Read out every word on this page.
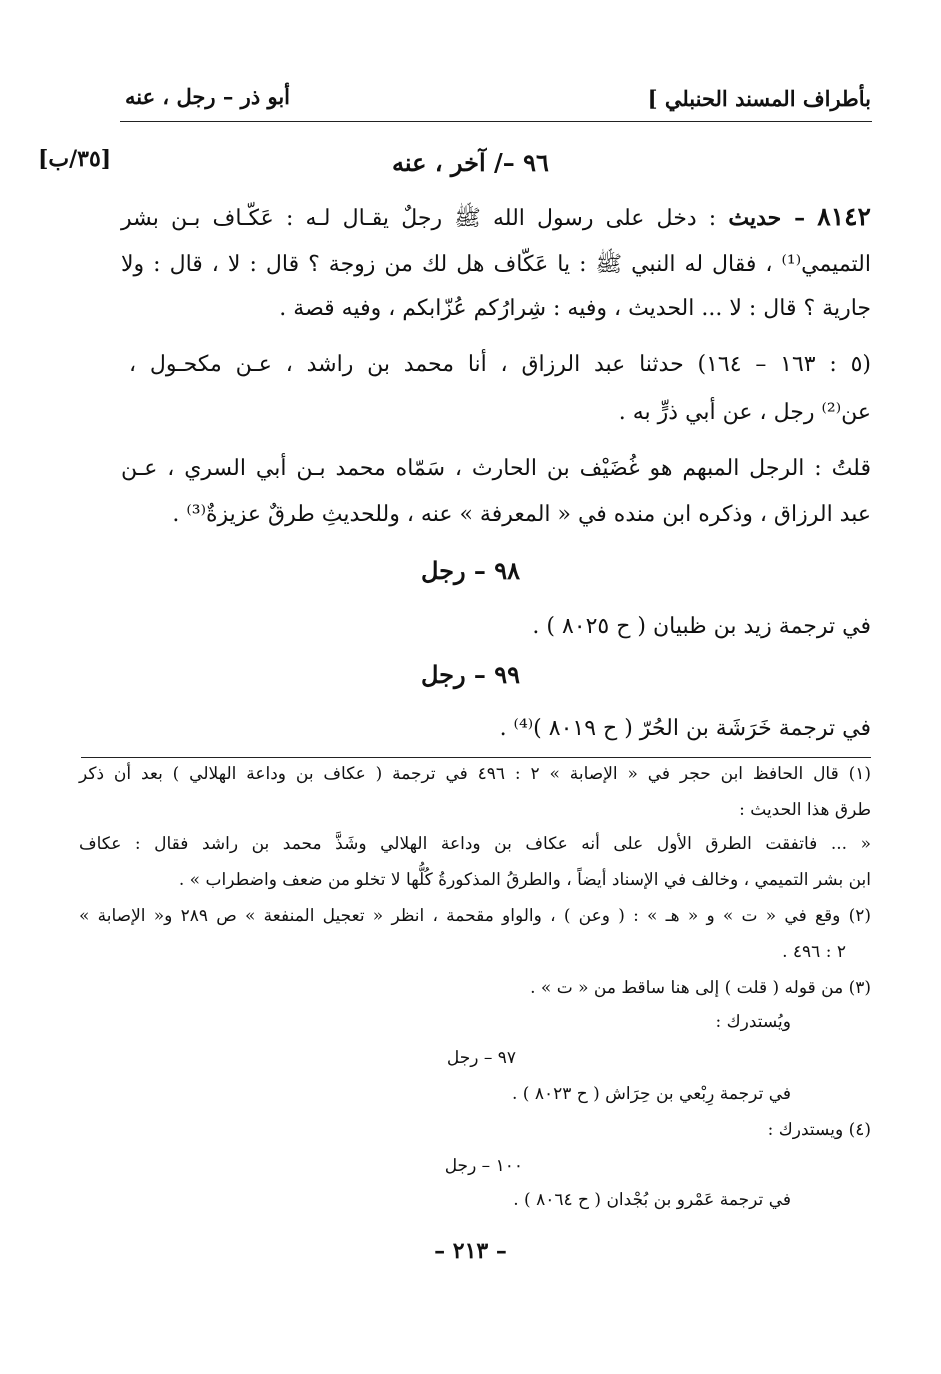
بأطراف المسند الحنبلي ]
أبو ذر – رجل ، عنه
[٣٥/ب]	٩٦ –/ آخر ، عنه
٨١٤٢ – حديث : دخل على رسول الله ﷺ رجلٌ يقـال لـه : عَكّـاف بـن بشر
التميمي⁽¹⁾ ، فقال له النبي ﷺ : يا عَكّاف هل لك من زوجة ؟ قال : لا ، قال : ولا
جارية ؟ قال : لا ... الحديث ، وفيه : شِرارُكم عُزّابكم ، وفيه قصة .
(٥ : ١٦٣ – ١٦٤) حدثنا عبد الرزاق ، أنا محمد بن راشد ، عـن مكحـول ،
عن⁽²⁾ رجل ، عن أبي ذرٍّ به .
قلتُ : الرجل المبهم هو غُضَيْف بن الحارث ، سَمّاه محمد بـن أبي السري ، عـن
عبد الرزاق ، وذكره ابن منده في « المعرفة » عنه ، وللحديثِ طرقٌ عزيزةٌ⁽³⁾ .
٩٨ – رجل
في ترجمة زيد بن ظبيان ( ح ٨٠٢٥ ) .
٩٩ – رجل
في ترجمة خَرَشَة بن الحُرّ ( ح ٨٠١٩ )⁽⁴⁾ .
(١) قال الحافظ ابن حجر في « الإصابة » ٢ : ٤٩٦ في ترجمة ( عكاف بن وداعة الهلالي ) بعد أن ذكر
طرق هذا الحديث :
« ... فاتفقت الطرق الأول على أنه عكاف بن وداعة الهلالي وشَذَّ محمد بن راشد فقال : عكاف
ابن بشر التميمي ، وخالف في الإسناد أيضاً ، والطرقُ المذكورةُ كُلُّها لا تخلو من ضعف واضطراب » .
(٢) وقع في « ت » و « هـ » : ( وعن ) ، والواو مقحمة ، انظر « تعجيل المنفعة » ص ٢٨٩ و« الإصابة »
٢ : ٤٩٦ .
(٣) من قوله ( قلت ) إلى هنا ساقط من « ت » .
ويُستدرك :
٩٧ – رجل
في ترجمة رِبْعي بن حِرَاش ( ح ٨٠٢٣ ) .
(٤) ويستدرك :
١٠٠ – رجل
في ترجمة عَمْرو بن بُجْدان ( ح ٨٠٦٤ ) .
– ٢١٣ –
